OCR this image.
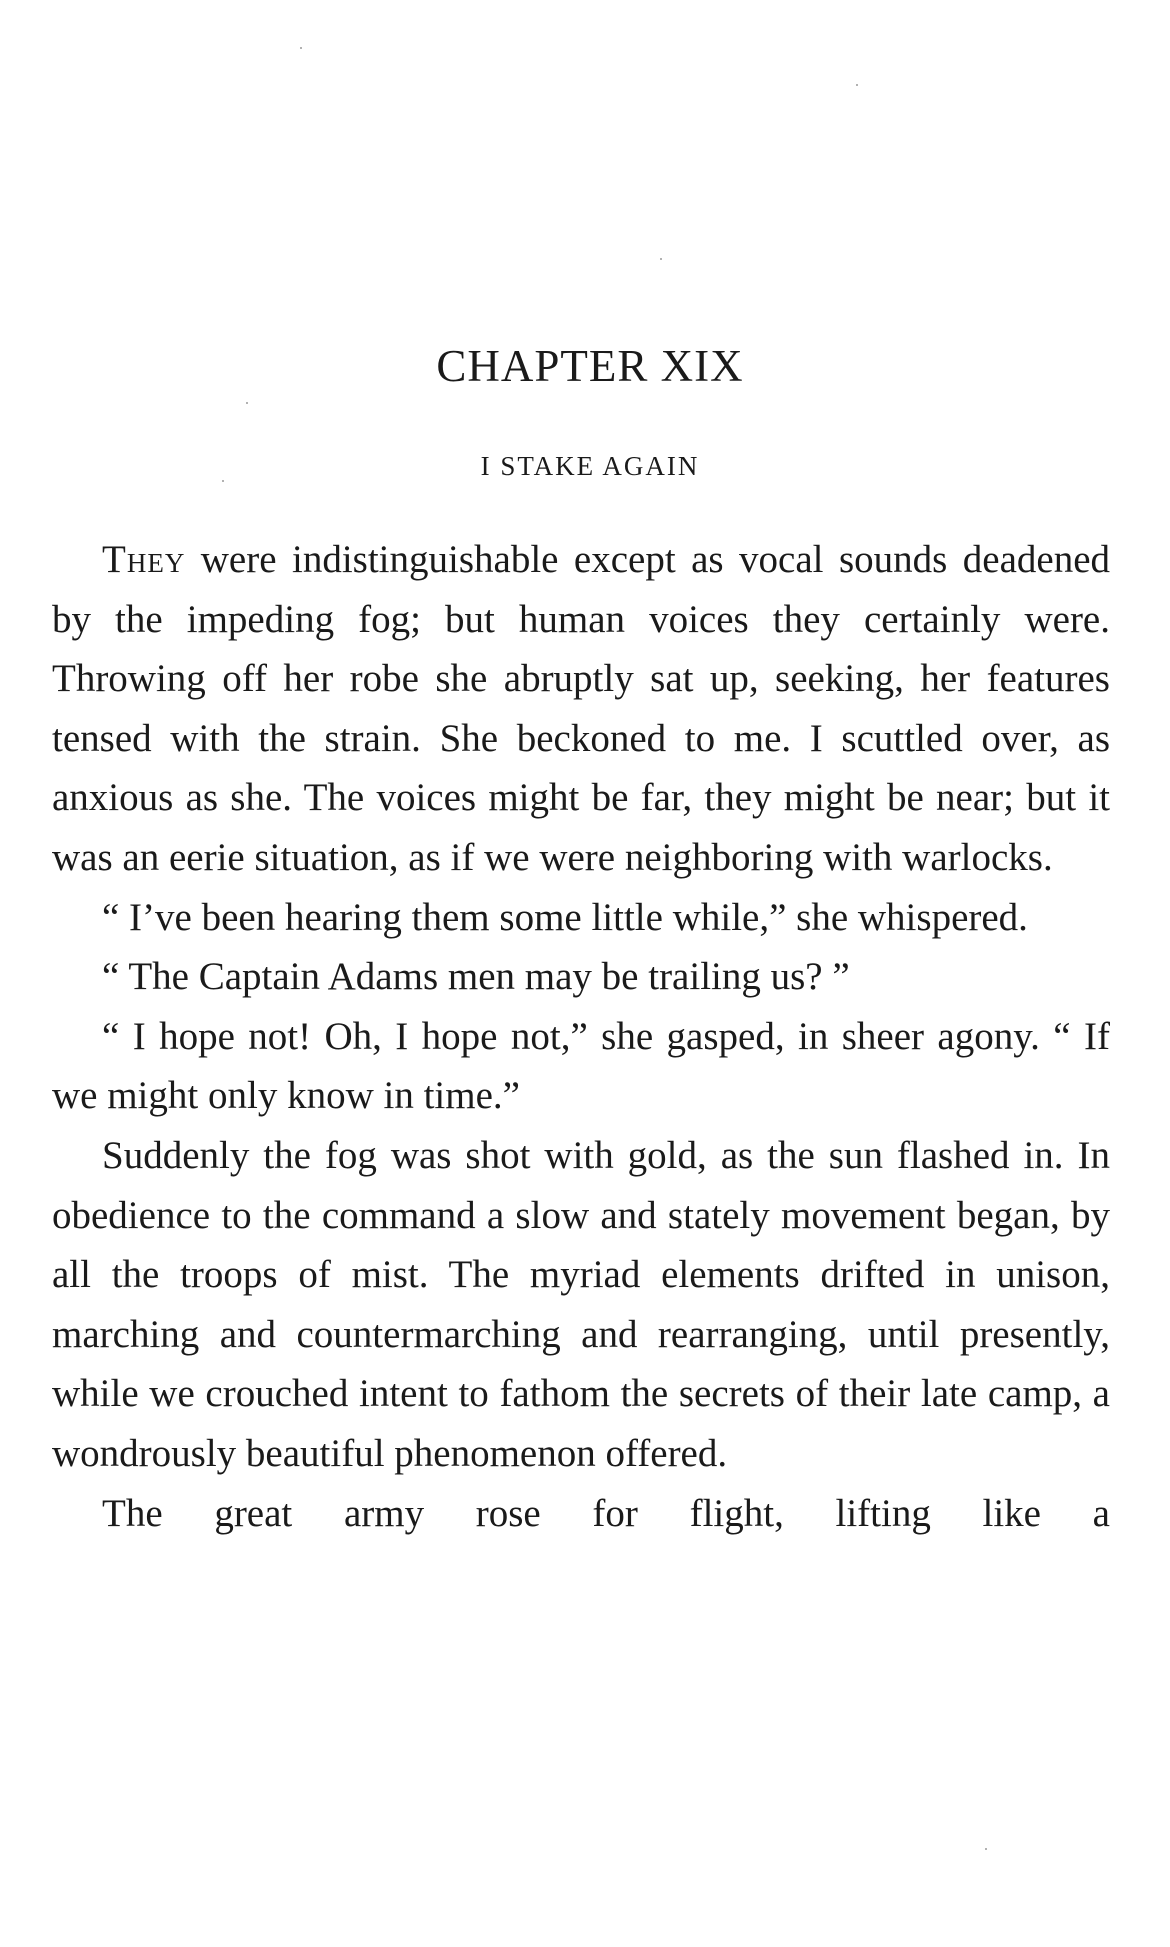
CHAPTER XIX
I STAKE AGAIN

They were indistinguishable except as vocal sounds deadened by the impeding fog; but human voices they certainly were. Throwing off her robe she abruptly sat up, seeking, her features tensed with the strain. She beckoned to me. I scuttled over, as anxious as she. The voices might be far, they might be near; but it was an eerie situation, as if we were neighboring with warlocks.

“ I’ve been hearing them some little while,” she whispered.

“ The Captain Adams men may be trailing us? ”

“ I hope not! Oh, I hope not,” she gasped, in sheer agony. “ If we might only know in time.”

Suddenly the fog was shot with gold, as the sun flashed in. In obedience to the command a slow and stately movement began, by all the troops of mist. The myriad elements drifted in unison, marching and countermarching and rearranging, until presently, while we crouched intent to fathom the secrets of their late camp, a wondrously beautiful phenomenon offered.

The great army rose for flight, lifting like a
